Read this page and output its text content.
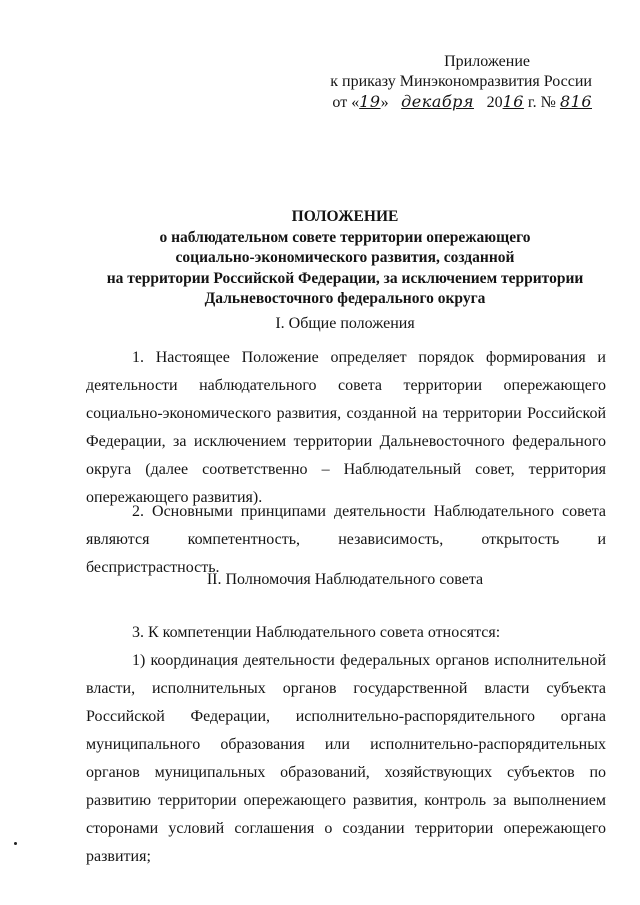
Приложение
к приказу Минэкономразвития России
от «19» декабря 2016 г. № 816
ПОЛОЖЕНИЕ
о наблюдательном совете территории опережающего
социально-экономического развития, созданной
на территории Российской Федерации, за исключением территории
Дальневосточного федерального округа
I. Общие положения
1. Настоящее Положение определяет порядок формирования и деятельности наблюдательного совета территории опережающего социально-экономического развития, созданной на территории Российской Федерации, за исключением территории Дальневосточного федерального округа (далее соответственно – Наблюдательный совет, территория опережающего развития).
2. Основными принципами деятельности Наблюдательного совета являются компетентность, независимость, открытость и беспристрастность.
II. Полномочия Наблюдательного совета
3. К компетенции Наблюдательного совета относятся:
1) координация деятельности федеральных органов исполнительной власти, исполнительных органов государственной власти субъекта Российской Федерации, исполнительно-распорядительного органа муниципального образования или исполнительно-распорядительных органов муниципальных образований, хозяйствующих субъектов по развитию территории опережающего развития, контроль за выполнением сторонами условий соглашения о создании территории опережающего развития;
